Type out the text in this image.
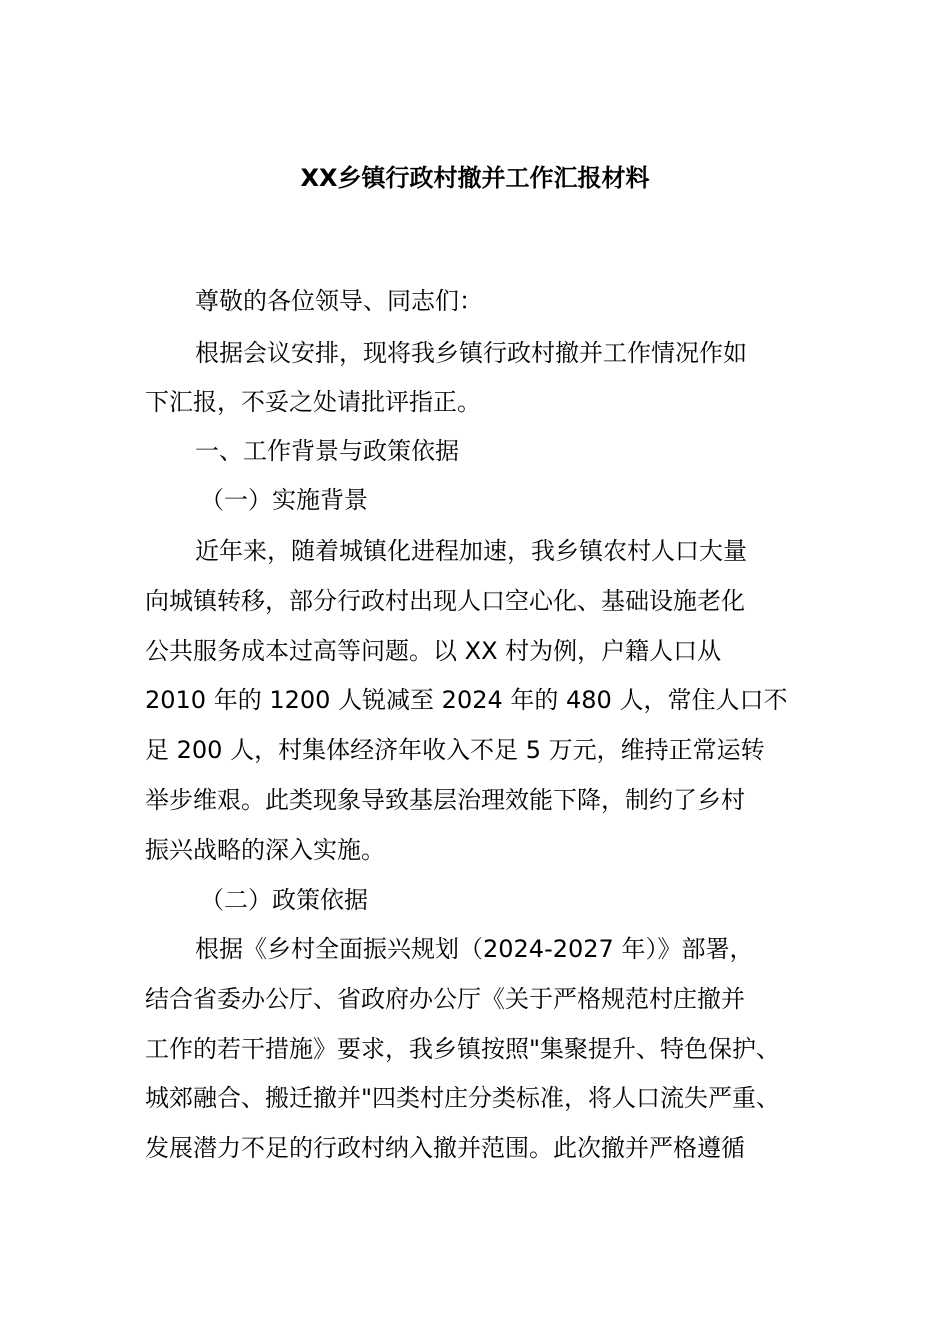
XX乡镇行政村撤并工作汇报材料
尊敬的各位领导、同志们：
根据会议安排，现将我乡镇行政村撤并工作情况作如
下汇报，不妥之处请批评指正。
一、工作背景与政策依据
（一）实施背景
近年来，随着城镇化进程加速，我乡镇农村人口大量
向城镇转移，部分行政村出现人口空心化、基础设施老化
公共服务成本过高等问题。以 XX 村为例，户籍人口从
2010 年的 1200 人锐减至 2024 年的 480 人，常住人口不
足 200 人，村集体经济年收入不足 5 万元，维持正常运转
举步维艰。此类现象导致基层治理效能下降，制约了乡村
振兴战略的深入实施。
（二）政策依据
根据《乡村全面振兴规划（2024-2027 年）》部署，
结合省委办公厅、省政府办公厅《关于严格规范村庄撤并
工作的若干措施》要求，我乡镇按照"集聚提升、特色保护、
城郊融合、搬迁撤并"四类村庄分类标准，将人口流失严重、
发展潜力不足的行政村纳入撤并范围。此次撤并严格遵循
